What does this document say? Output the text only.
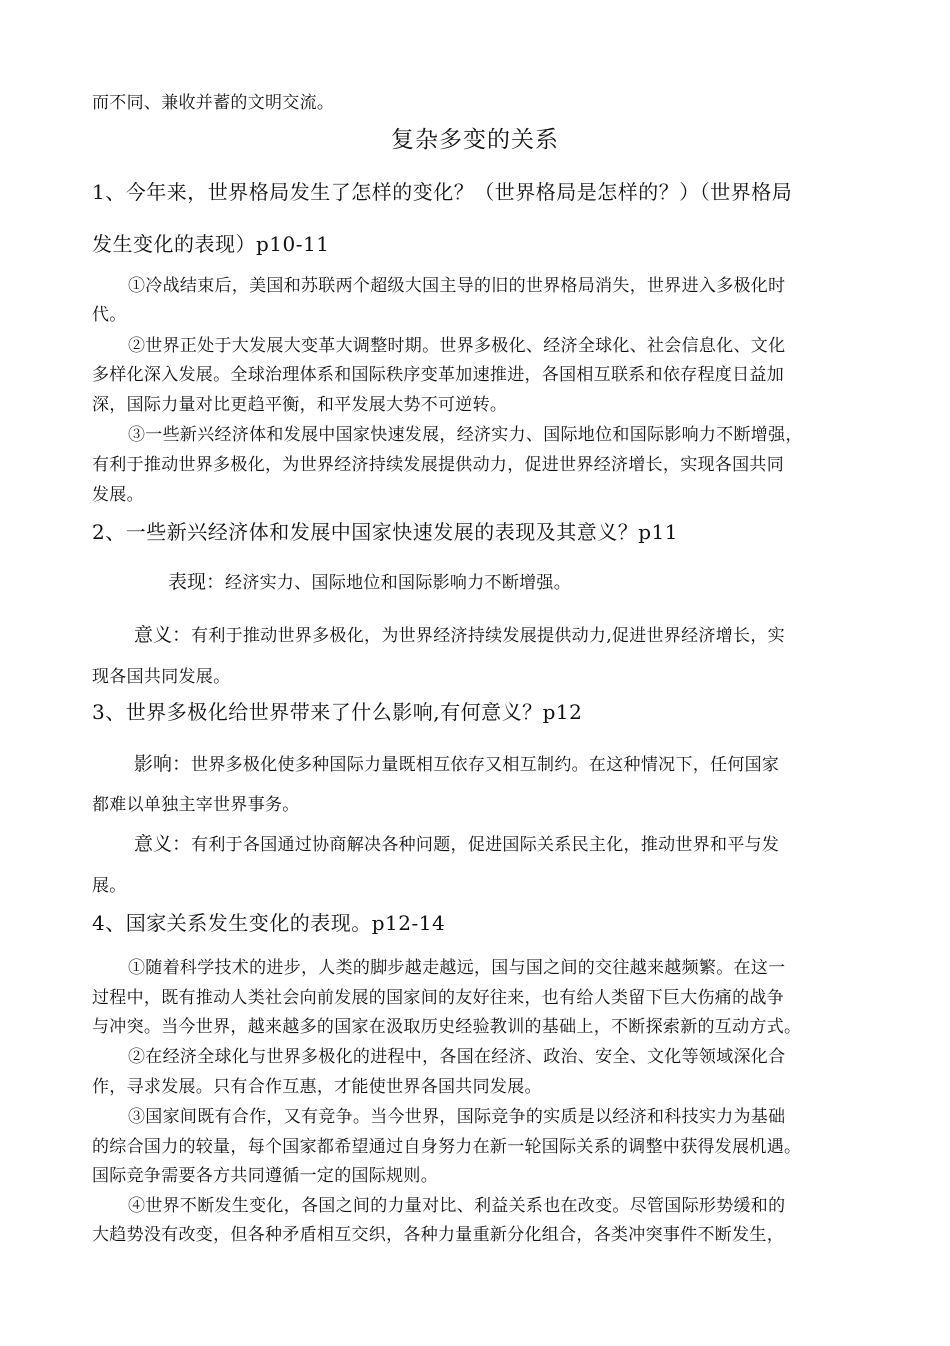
而不同、兼收并蓄的文明交流。
复杂多变的关系
1、今年来，世界格局发生了怎样的变化？（世界格局是怎样的？）（世界格局
发生变化的表现）p10-11
①冷战结束后，美国和苏联两个超级大国主导的旧的世界格局消失，世界进入多极化时
代。
②世界正处于大发展大变革大调整时期。世界多极化、经济全球化、社会信息化、文化
多样化深入发展。全球治理体系和国际秩序变革加速推进，各国相互联系和依存程度日益加
深，国际力量对比更趋平衡，和平发展大势不可逆转。
③一些新兴经济体和发展中国家快速发展，经济实力、国际地位和国际影响力不断增强，
有利于推动世界多极化，为世界经济持续发展提供动力，促进世界经济增长，实现各国共同
发展。
2、一些新兴经济体和发展中国家快速发展的表现及其意义？p11
表现：经济实力、国际地位和国际影响力不断增强。
意义：有利于推动世界多极化，为世界经济持续发展提供动力,促进世界经济增长，实
现各国共同发展。
3、世界多极化给世界带来了什么影响,有何意义？p12
影响：世界多极化使多种国际力量既相互依存又相互制约。在这种情况下，任何国家
都难以单独主宰世界事务。
意义：有利于各国通过协商解决各种问题，促进国际关系民主化，推动世界和平与发
展。
4、国家关系发生变化的表现。p12-14
①随着科学技术的进步，人类的脚步越走越远，国与国之间的交往越来越频繁。在这一
过程中，既有推动人类社会向前发展的国家间的友好往来，也有给人类留下巨大伤痛的战争
与冲突。当今世界，越来越多的国家在汲取历史经验教训的基础上，不断探索新的互动方式。
②在经济全球化与世界多极化的进程中，各国在经济、政治、安全、文化等领域深化合
作，寻求发展。只有合作互惠，才能使世界各国共同发展。
③国家间既有合作，又有竞争。当今世界，国际竞争的实质是以经济和科技实力为基础
的综合国力的较量，每个国家都希望通过自身努力在新一轮国际关系的调整中获得发展机遇。
国际竞争需要各方共同遵循一定的国际规则。
④世界不断发生变化，各国之间的力量对比、利益关系也在改变。尽管国际形势缓和的
大趋势没有改变，但各种矛盾相互交织，各种力量重新分化组合，各类冲突事件不断发生，
